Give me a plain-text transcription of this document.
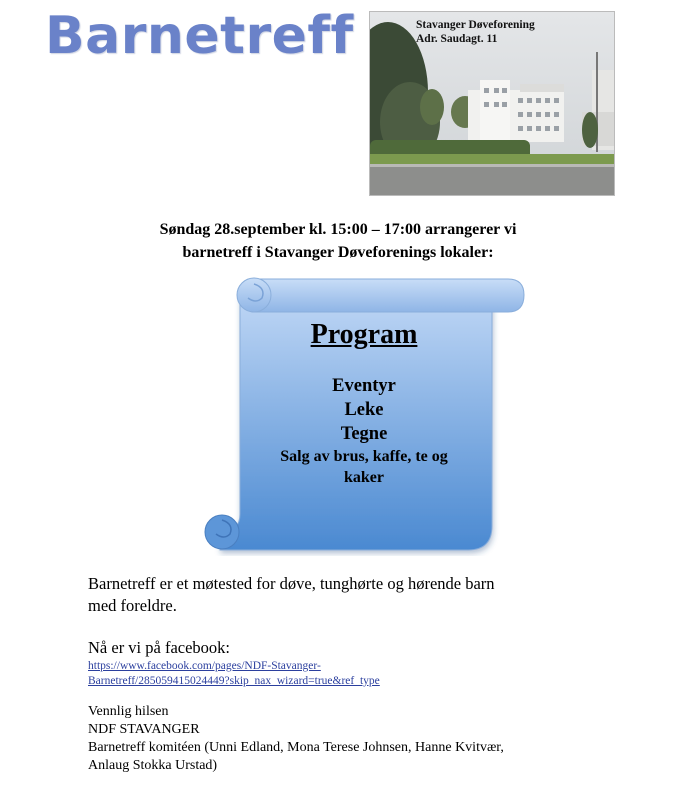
Barnetreff	Stavanger Døveforening
Adr. Saudagt. 11
Søndag 28.september kl. 15:00 – 17:00 arrangerer vi
barnetreff i Stavanger Døveforenings lokaler:
Program
Eventyr
Leke
Tegne
Salg av brus, kaffe, te og
kaker
Barnetreff er et møtested for døve, tunghørte og hørende barn
med foreldre.
Nå er vi på facebook:
https://www.facebook.com/pages/NDF-Stavanger-
Barnetreff/285059415024449?skip_nax_wizard=true&ref_type
Vennlig hilsen
NDF STAVANGER
Barnetreff komitéen (Unni Edland, Mona Terese Johnsen, Hanne Kvitvær,
Anlaug Stokka Urstad)
